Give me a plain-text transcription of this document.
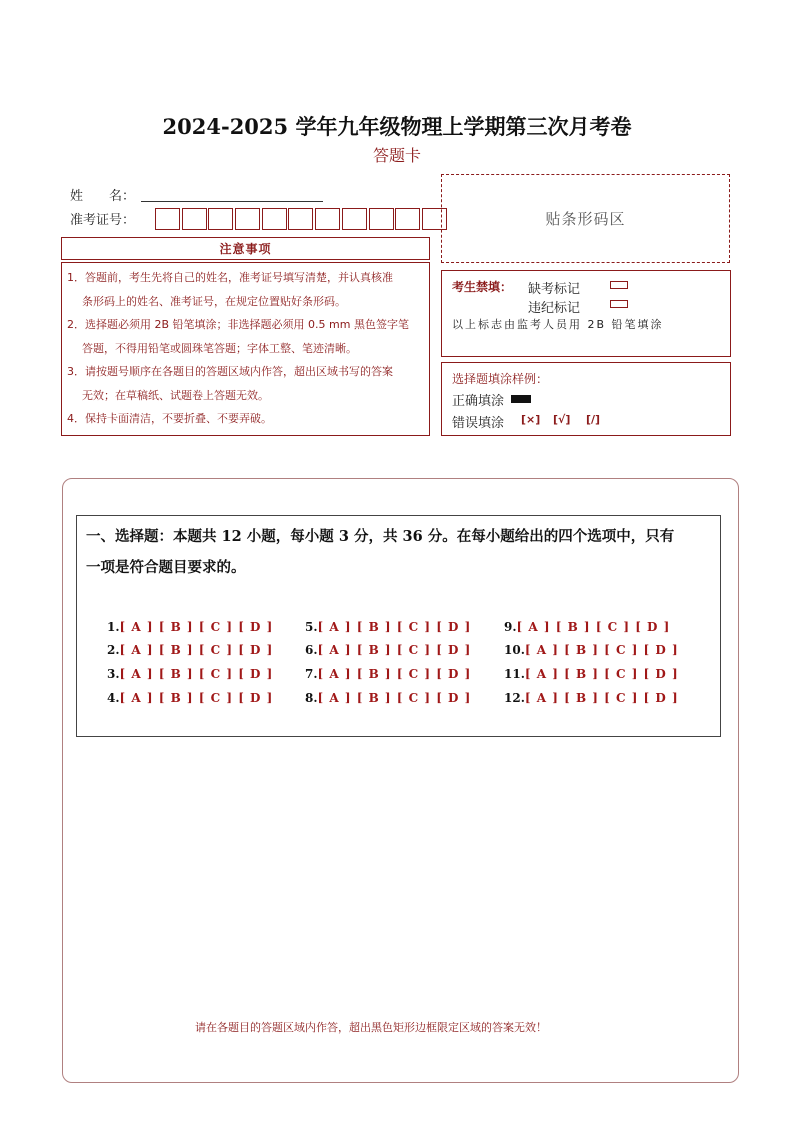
2024-2025 学年九年级物理上学期第三次月考卷
答题卡
姓　　名：
准考证号：	贴条形码区
注意事项
1．答题前，考生先将自己的姓名，准考证号填写清楚，并认真核准
条形码上的姓名、准考证号，在规定位置贴好条形码。
2．选择题必须用 2B 铅笔填涂；非选择题必须用 0.5 mm 黑色签字笔
答题，不得用铅笔或圆珠笔答题；字体工整、笔迹清晰。
3．请按题号顺序在各题目的答题区域内作答，超出区域书写的答案
无效；在草稿纸、试题卷上答题无效。
4．保持卡面清洁，不要折叠、不要弄破。
考生禁填： 缺考标记
违纪标记
以上标志由监考人员用 2B 铅笔填涂
选择题填涂样例：
正确填涂
错误填涂 [×] [√] [/]
一、选择题：本题共 12 小题，每小题 3 分，共 36 分。在每小题给出的四个选项中，只有
一项是符合题目要求的。
1.[ A ] [ B ] [ C ] [ D ]
2.[ A ] [ B ] [ C ] [ D ]
3.[ A ] [ B ] [ C ] [ D ]
4.[ A ] [ B ] [ C ] [ D ]
5.[ A ] [ B ] [ C ] [ D ]
6.[ A ] [ B ] [ C ] [ D ]
7.[ A ] [ B ] [ C ] [ D ]
8.[ A ] [ B ] [ C ] [ D ]
9.[ A ] [ B ] [ C ] [ D ]
10.[ A ] [ B ] [ C ] [ D ]
11.[ A ] [ B ] [ C ] [ D ]
12.[ A ] [ B ] [ C ] [ D ]
请在各题目的答题区域内作答，超出黑色矩形边框限定区域的答案无效！
